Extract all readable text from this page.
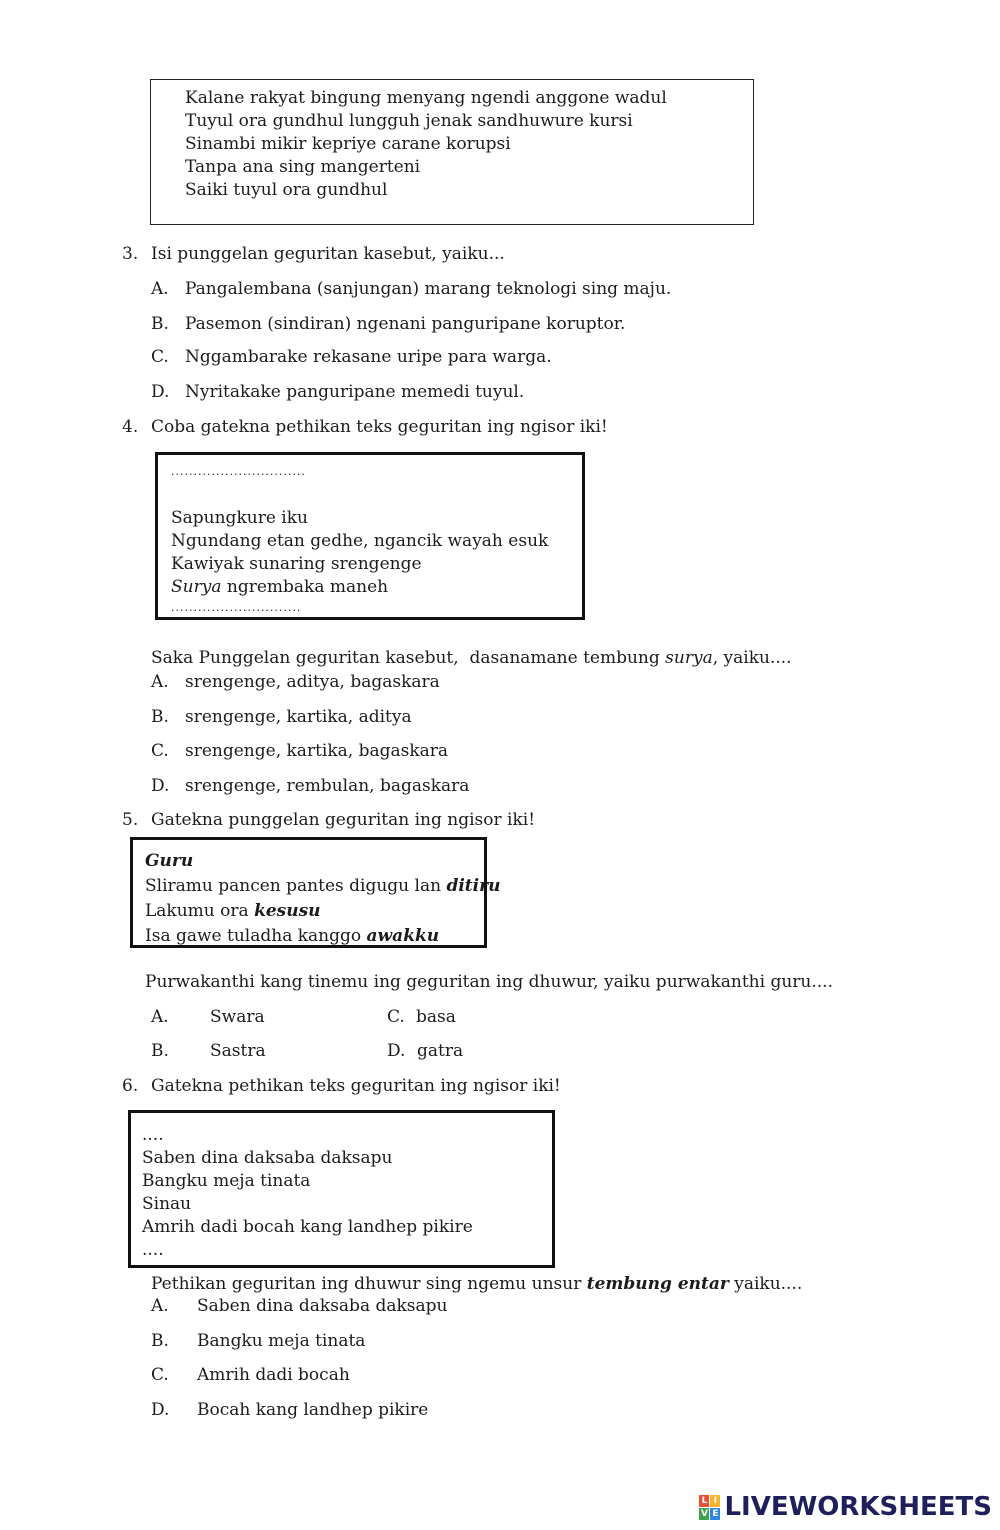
Kalane rakyat bingung menyang ngendi anggone wadul
Tuyul ora gundhul lungguh jenak sandhuwure kursi
Sinambi mikir kepriye carane korupsi
Tanpa ana sing mangerteni
Saiki tuyul ora gundhul
3. Isi punggelan geguritan kasebut, yaiku...
A. Pangalembana (sanjungan) marang teknologi sing maju.
B. Pasemon (sindiran) ngenani panguripane koruptor.
C. Nggambarake rekasane uripe para warga.
D. Nyritakake panguripane memedi tuyul.
4. Coba gatekna pethikan teks geguritan ing ngisor iki!
..............................
Sapungkure iku
Ngundang etan gedhe, ngancik wayah esuk
Kawiyak sunaring srengenge
Surya ngrembaka maneh
.............................
Saka Punggelan geguritan kasebut,  dasanamane tembung surya, yaiku....
A. srengenge, aditya, bagaskara
B. srengenge, kartika, aditya
C. srengenge, kartika, bagaskara
D. srengenge, rembulan, bagaskara
5. Gatekna punggelan geguritan ing ngisor iki!
Guru
Sliramu pancen pantes digugu lan ditiru
Lakumu ora kesusu
Isa gawe tuladha kanggo awakku
Purwakanthi kang tinemu ing geguritan ing dhuwur, yaiku purwakanthi guru....
A. Swara
B. Sastra
C. basa
D. gatra
6. Gatekna pethikan teks geguritan ing ngisor iki!
....
Saben dina daksaba daksapu
Bangku meja tinata
Sinau
Amrih dadi bocah kang landhep pikire
....
Pethikan geguritan ing dhuwur sing ngemu unsur tembung entar yaiku....
A. Saben dina daksaba daksapu
B. Bangku meja tinata
C. Amrih dadi bocah
D. Bocah kang landhep pikire
L I
V E LIVEWORKSHEETS
